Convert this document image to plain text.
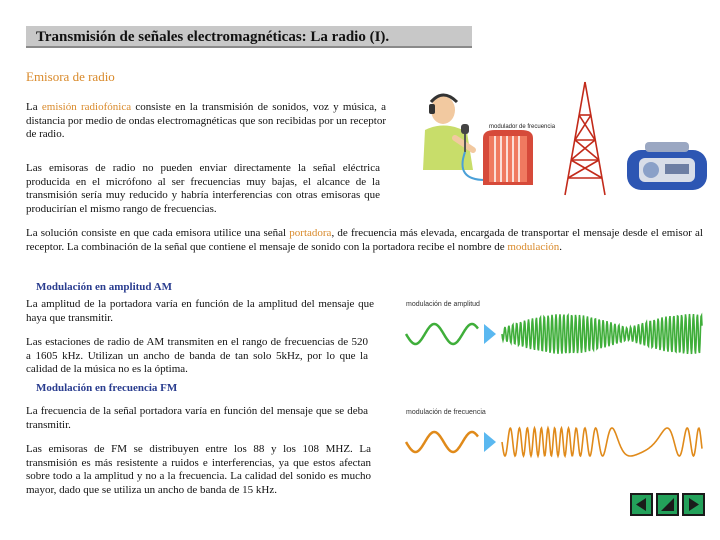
Transmisión de señales electromagnéticas: La radio (I).
Emisora de radio
La emisión radiofónica consiste en la transmisión de sonidos, voz y música, a distancia por medio de ondas electromagnéticas que son recibidas por un receptor de radio.
Las emisoras de radio no pueden enviar directamente la señal eléctrica producida en el micrófono al ser frecuencias muy bajas, el alcance de la transmisión sería muy reducido y habría interferencias con otras emisoras que producirían el mismo rango de frecuencias.
La solución consiste en que cada emisora utilice una señal portadora, de frecuencia más elevada, encargada de transportar el mensaje desde el emisor al receptor. La combinación de la señal que contiene el mensaje de sonido con la portadora recibe el nombre de modulación.
modulador de frecuencia
Modulación en amplitud AM
La amplitud de la portadora varía en función de la amplitud del mensaje que haya que transmitir.
Las estaciones de radio de AM transmiten en el rango de frecuencias de 520 a 1605 kHz. Utilizan un ancho de banda de tan solo 5kHz, por lo que la calidad de la música no es la óptima.
modulación de amplitud
Modulación en frecuencia FM
La frecuencia de la señal portadora varía en función del mensaje que se deba transmitir.
Las emisoras de FM se distribuyen entre los 88 y los 108 MHZ. La transmisión es más resistente a ruidos e interferencias, ya que estos afectan sobre todo a la amplitud y no a la frecuencia. La calidad del sonido es mucho mayor, dado que se utiliza un ancho de banda de 15 kHz.
modulación de frecuencia
